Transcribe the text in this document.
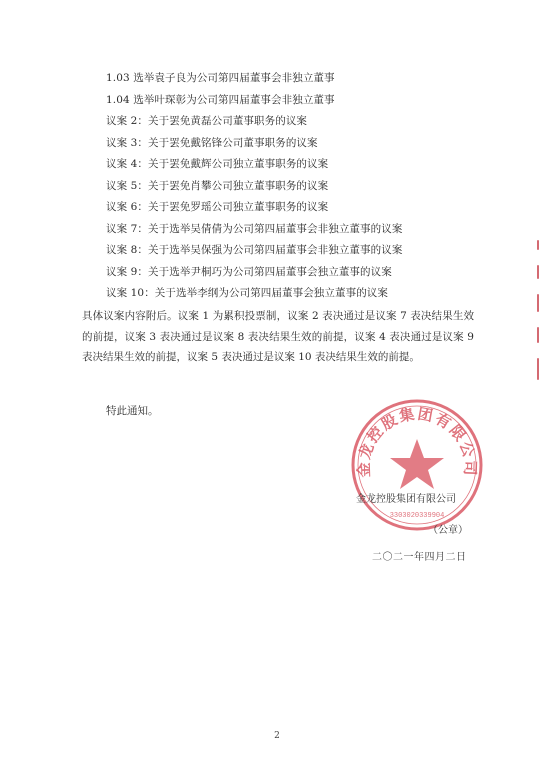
1.03 选举袁子良为公司第四届董事会非独立董事
1.04 选举叶琛彰为公司第四届董事会非独立董事
议案 2：关于罢免黄磊公司董事职务的议案
议案 3：关于罢免戴铭锋公司董事职务的议案
议案 4：关于罢免戴辉公司独立董事职务的议案
议案 5：关于罢免肖攀公司独立董事职务的议案
议案 6：关于罢免罗瑶公司独立董事职务的议案
议案 7：关于选举吴倩倩为公司第四届董事会非独立董事的议案
议案 8：关于选举吴保强为公司第四届董事会非独立董事的议案
议案 9：关于选举尹桐巧为公司第四届董事会独立董事的议案
议案 10：关于选举李纲为公司第四届董事会独立董事的议案

具体议案内容附后。议案 1 为累积投票制，议案 2 表决通过是议案 7 表决结果生效的前提，议案 3 表决通过是议案 8 表决结果生效的前提，议案 4 表决通过是议案 9 表决结果生效的前提，议案 5 表决通过是议案 10 表决结果生效的前提。

特此通知。

金龙控股集团有限公司
3303020339904

金龙控股集团有限公司

（公章）

二〇二一年四月二日

2
